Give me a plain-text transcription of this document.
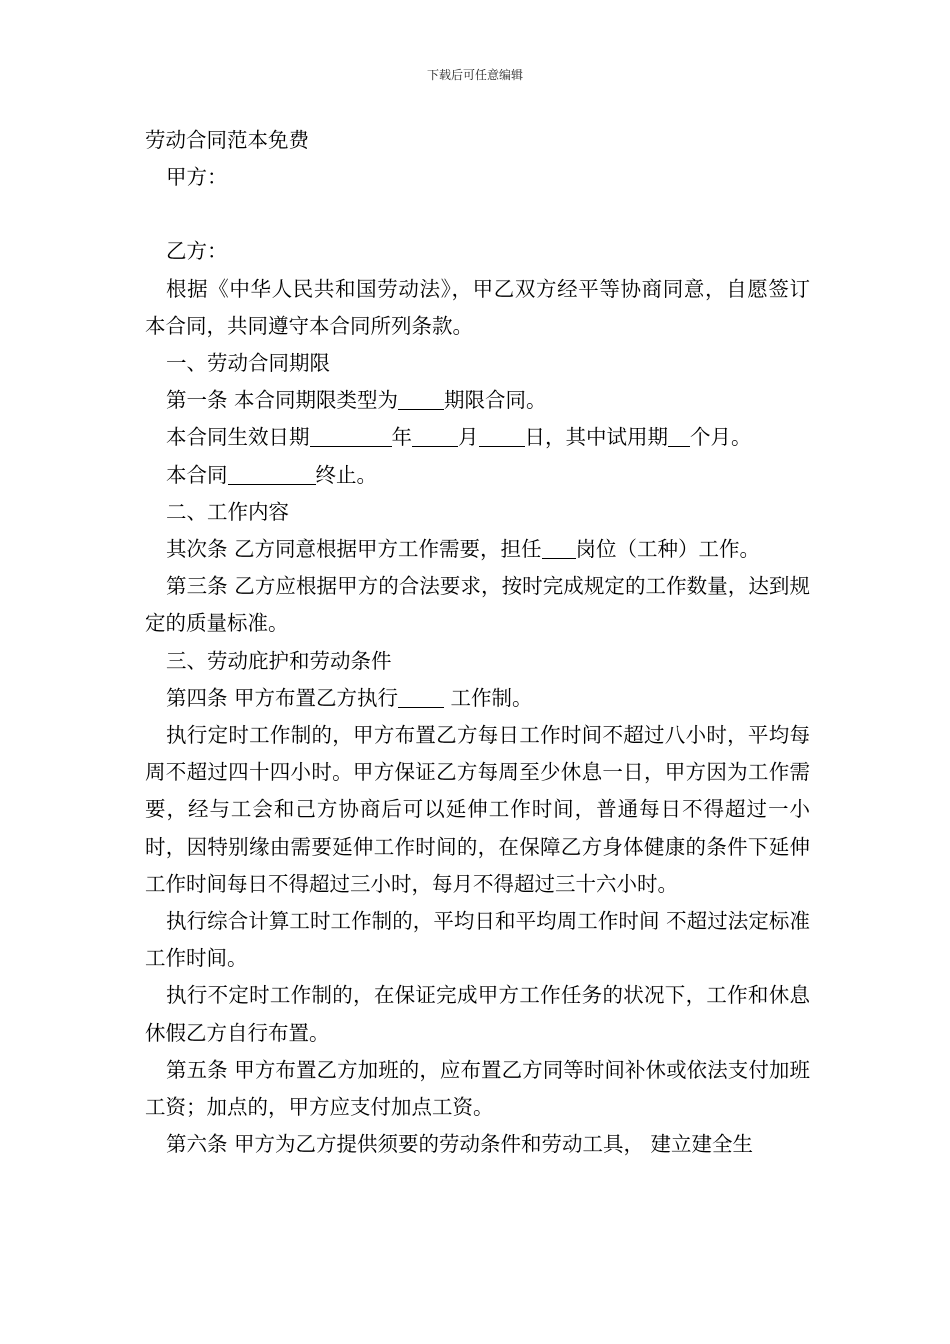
下载后可任意编辑

劳动合同范本免费

甲方：

乙方：

根据《中华人民共和国劳动法》，甲乙双方经平等协商同意，自愿签订本合同，共同遵守本合同所列条款。

一、劳动合同期限

第一条 本合同期限类型为 期限合同。

本合同生效日期	年 月 日，其中试用期 个月。

本合同	终止。

二、工作内容

其次条 乙方同意根据甲方工作需要，担任 岗位（工种）工作。

第三条 乙方应根据甲方的合法要求，按时完成规定的工作数量，达到规定的质量标准。

三、劳动庇护和劳动条件

第四条 甲方布置乙方执行 工作制。

执行定时工作制的，甲方布置乙方每日工作时间不超过八小时，平均每周不超过四十四小时。甲方保证乙方每周至少休息一日，甲方因为工作需要，经与工会和己方协商后可以延伸工作时间，普通每日不得超过一小时，因特别缘由需要延伸工作时间的，在保障乙方身体健康的条件下延伸工作时间每日不得超过三小时，每月不得超过三十六小时。

执行综合计算工时工作制的，平均日和平均周工作时间 不超过法定标准工作时间。

执行不定时工作制的，在保证完成甲方工作任务的状况下，工作和休息休假乙方自行布置。

第五条 甲方布置乙方加班的，应布置乙方同等时间补休或依法支付加班工资；加点的，甲方应支付加点工资。

第六条 甲方为乙方提供须要的劳动条件和劳动工具， 建立建全生
